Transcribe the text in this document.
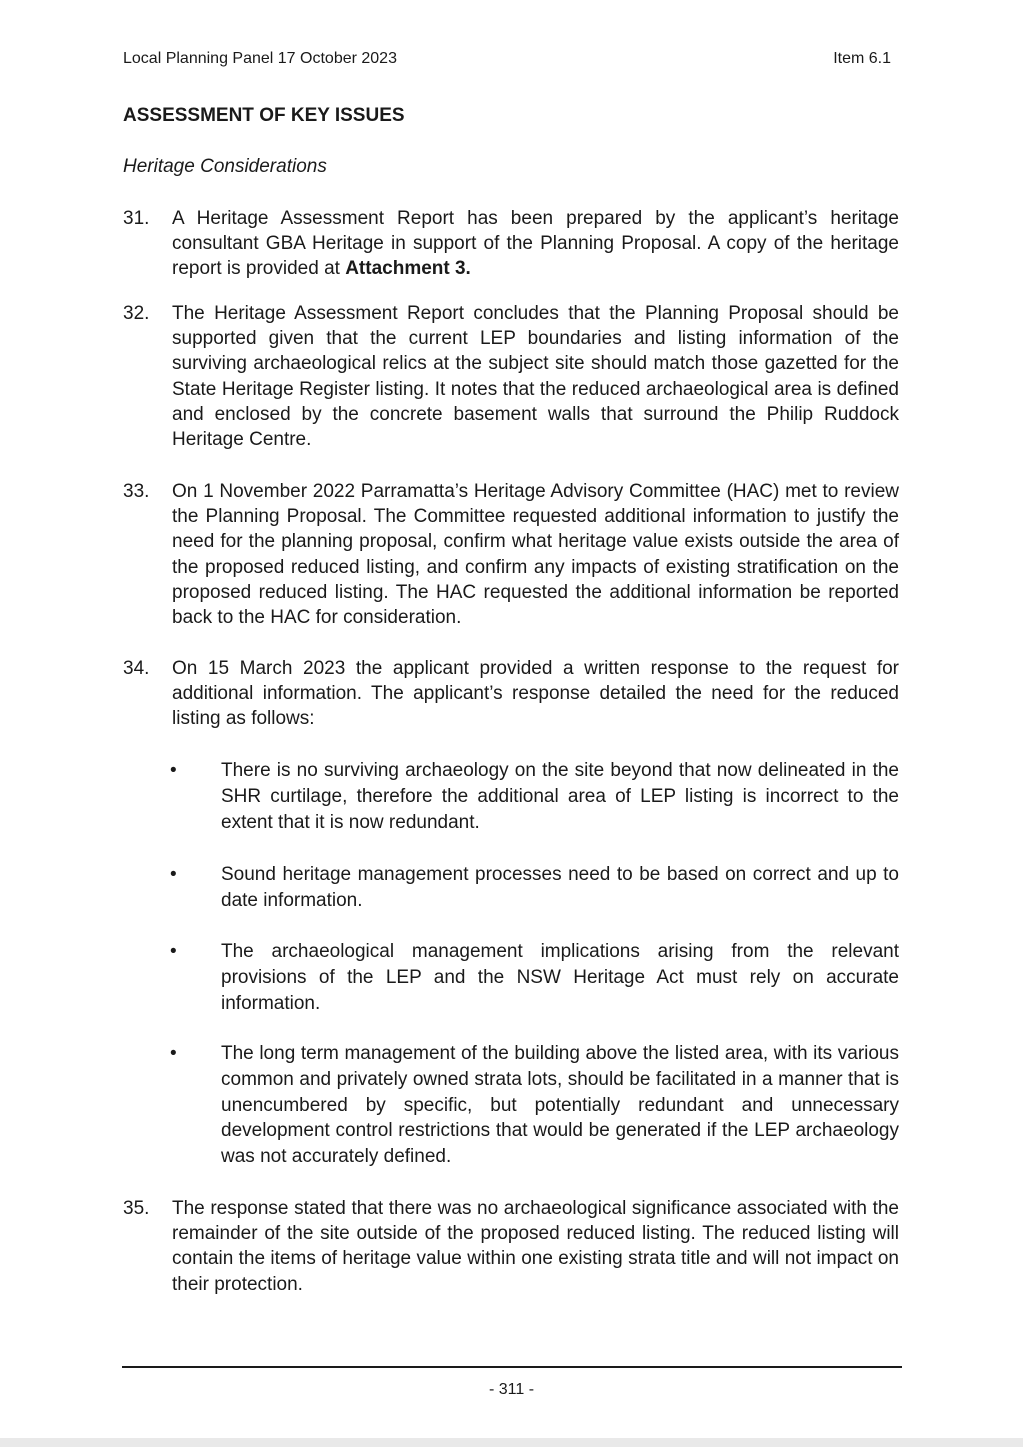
Local Planning Panel 17 October 2023	Item 6.1
ASSESSMENT OF KEY ISSUES
Heritage Considerations
31. A Heritage Assessment Report has been prepared by the applicant’s heritage consultant GBA Heritage in support of the Planning Proposal. A copy of the heritage report is provided at Attachment 3.
32. The Heritage Assessment Report concludes that the Planning Proposal should be supported given that the current LEP boundaries and listing information of the surviving archaeological relics at the subject site should match those gazetted for the State Heritage Register listing. It notes that the reduced archaeological area is defined and enclosed by the concrete basement walls that surround the Philip Ruddock Heritage Centre.
33. On 1 November 2022 Parramatta’s Heritage Advisory Committee (HAC) met to review the Planning Proposal. The Committee requested additional information to justify the need for the planning proposal, confirm what heritage value exists outside the area of the proposed reduced listing, and confirm any impacts of existing stratification on the proposed reduced listing. The HAC requested the additional information be reported back to the HAC for consideration.
34. On 15 March 2023 the applicant provided a written response to the request for additional information. The applicant’s response detailed the need for the reduced listing as follows:
• There is no surviving archaeology on the site beyond that now delineated in the SHR curtilage, therefore the additional area of LEP listing is incorrect to the extent that it is now redundant.
• Sound heritage management processes need to be based on correct and up to date information.
• The archaeological management implications arising from the relevant provisions of the LEP and the NSW Heritage Act must rely on accurate information.
• The long term management of the building above the listed area, with its various common and privately owned strata lots, should be facilitated in a manner that is unencumbered by specific, but potentially redundant and unnecessary development control restrictions that would be generated if the LEP archaeology was not accurately defined.
35. The response stated that there was no archaeological significance associated with the remainder of the site outside of the proposed reduced listing. The reduced listing will contain the items of heritage value within one existing strata title and will not impact on their protection.
- 311 -
